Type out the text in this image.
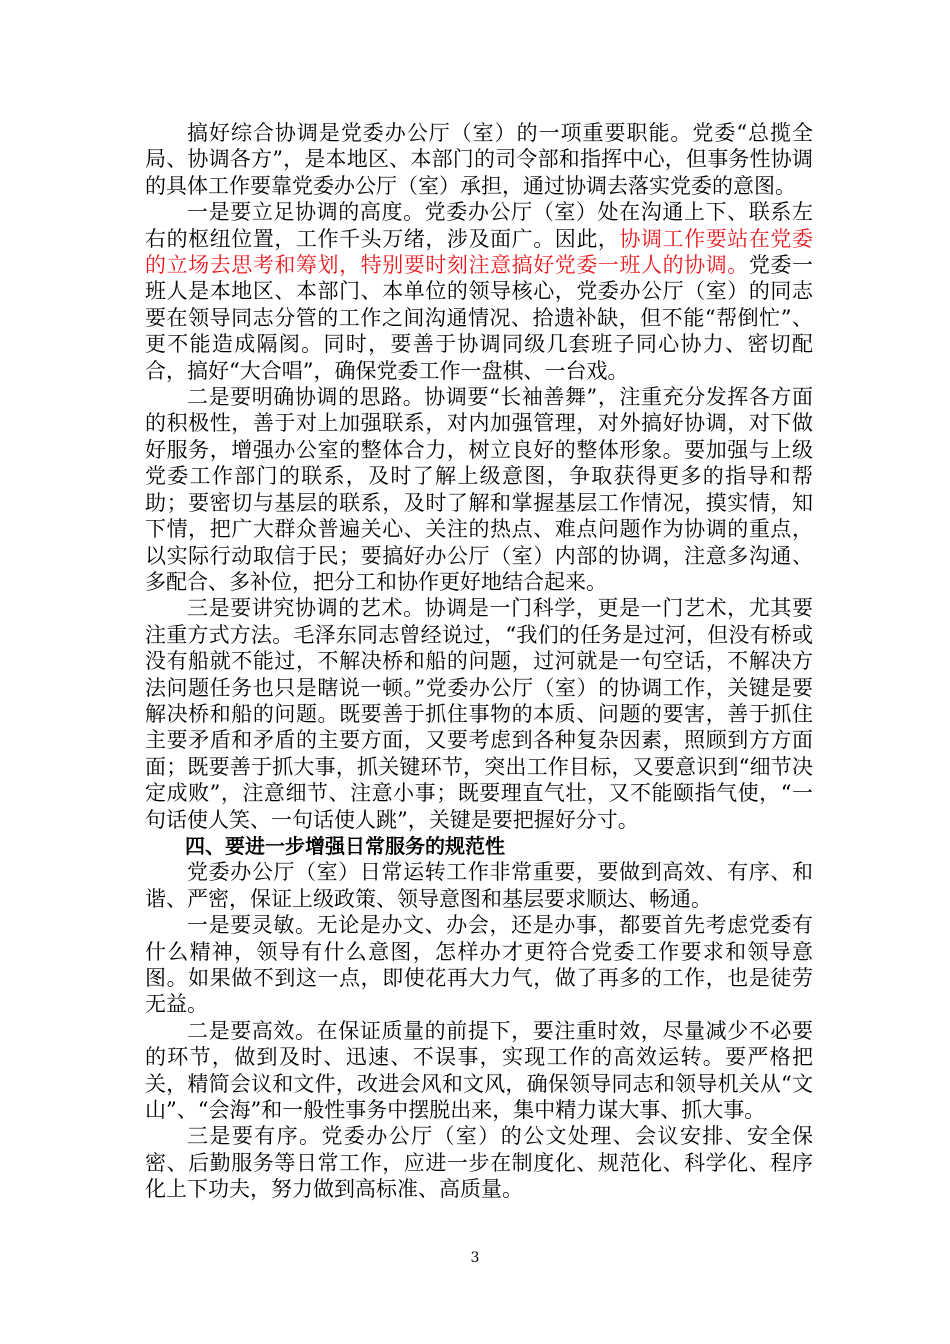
搞好综合协调是党委办公厅（室）的一项重要职能。党委“总揽全局、协调各方”，是本地区、本部门的司令部和指挥中心，但事务性协调的具体工作要靠党委办公厅（室）承担，通过协调去落实党委的意图。

一是要立足协调的高度。党委办公厅（室）处在沟通上下、联系左右的枢纽位置，工作千头万绪，涉及面广。因此，协调工作要站在党委的立场去思考和筹划，特别要时刻注意搞好党委一班人的协调。党委一班人是本地区、本部门、本单位的领导核心，党委办公厅（室）的同志要在领导同志分管的工作之间沟通情况、拾遗补缺，但不能“帮倒忙”、更不能造成隔阂。同时，要善于协调同级几套班子同心协力、密切配合，搞好“大合唱”，确保党委工作一盘棋、一台戏。

二是要明确协调的思路。协调要“长袖善舞”，注重充分发挥各方面的积极性，善于对上加强联系，对内加强管理，对外搞好协调，对下做好服务，增强办公室的整体合力，树立良好的整体形象。要加强与上级党委工作部门的联系，及时了解上级意图，争取获得更多的指导和帮助；要密切与基层的联系，及时了解和掌握基层工作情况，摸实情，知下情，把广大群众普遍关心、关注的热点、难点问题作为协调的重点，以实际行动取信于民；要搞好办公厅（室）内部的协调，注意多沟通、多配合、多补位，把分工和协作更好地结合起来。

三是要讲究协调的艺术。协调是一门科学，更是一门艺术，尤其要注重方式方法。毛泽东同志曾经说过，“我们的任务是过河，但没有桥或没有船就不能过，不解决桥和船的问题，过河就是一句空话，不解决方法问题任务也只是瞎说一顿。”党委办公厅（室）的协调工作，关键是要解决桥和船的问题。既要善于抓住事物的本质、问题的要害，善于抓住主要矛盾和矛盾的主要方面，又要考虑到各种复杂因素，照顾到方方面面；既要善于抓大事，抓关键环节，突出工作目标，又要意识到“细节决定成败”，注意细节、注意小事；既要理直气壮，又不能颐指气使，“一句话使人笑、一句话使人跳”，关键是要把握好分寸。

四、要进一步增强日常服务的规范性

党委办公厅（室）日常运转工作非常重要，要做到高效、有序、和谐、严密，保证上级政策、领导意图和基层要求顺达、畅通。

一是要灵敏。无论是办文、办会，还是办事，都要首先考虑党委有什么精神，领导有什么意图，怎样办才更符合党委工作要求和领导意图。如果做不到这一点，即使花再大力气，做了再多的工作，也是徒劳无益。

二是要高效。在保证质量的前提下，要注重时效，尽量减少不必要的环节，做到及时、迅速、不误事，实现工作的高效运转。要严格把关，精简会议和文件，改进会风和文风，确保领导同志和领导机关从“文山”、“会海”和一般性事务中摆脱出来，集中精力谋大事、抓大事。

三是要有序。党委办公厅（室）的公文处理、会议安排、安全保密、后勤服务等日常工作，应进一步在制度化、规范化、科学化、程序化上下功夫，努力做到高标准、高质量。

3
